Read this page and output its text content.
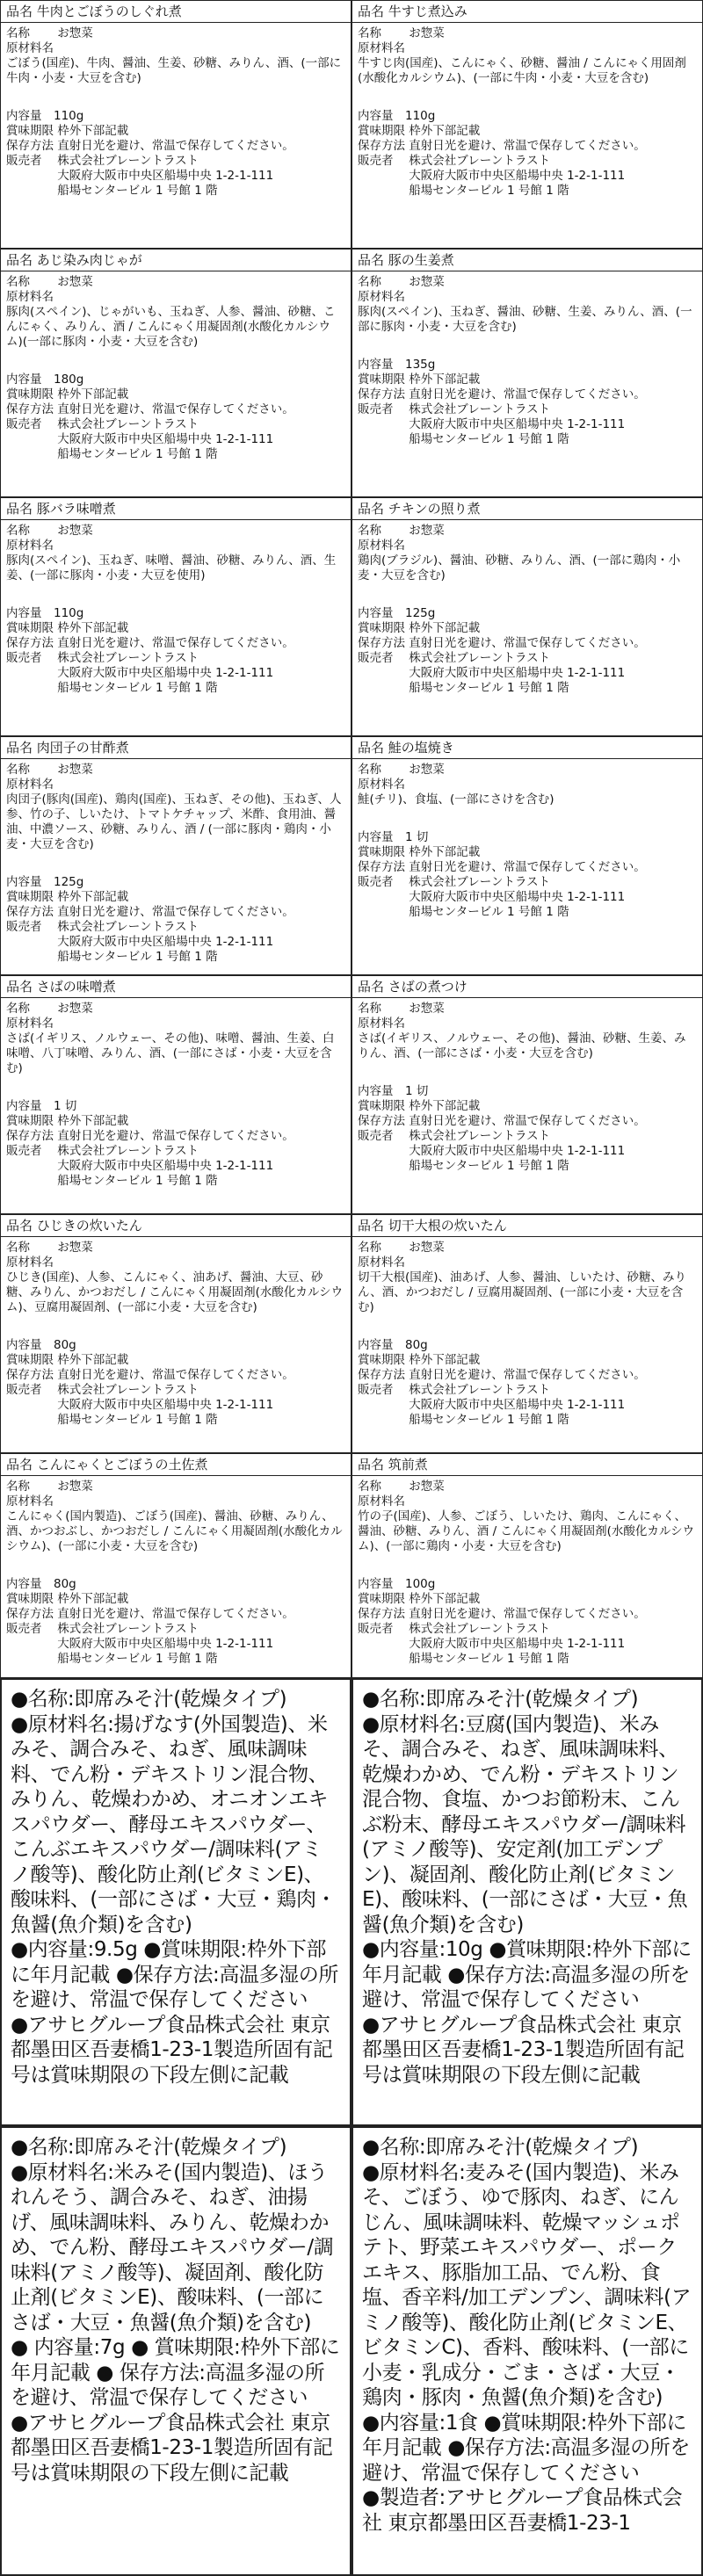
品名 牛肉とごぼうのしぐれ煮
名称 　　お惣菜
原材料名
ごぼう(国産)、牛肉、醤油、生姜、砂糖、みりん、酒、(一部に牛肉・小麦・大豆を含む)
内容量　110g
賞味期限 枠外下部記載
保存方法 直射日光を避け、常温で保存してください。
販売者　 株式会社ブレーントラスト
　　　　 大阪府大阪市中央区船場中央 1-2-1-111
　　　　 船場センタービル 1 号館 1 階
品名 牛すじ煮込み
名称 　　お惣菜
原材料名
牛すじ肉(国産)、こんにゃく、砂糖、醤油 / こんにゃく用固剤(水酸化カルシウム)、(一部に牛肉・小麦・大豆を含む)
内容量　110g
賞味期限 枠外下部記載
保存方法 直射日光を避け、常温で保存してください。
販売者　 株式会社ブレーントラスト
　　　　 大阪府大阪市中央区船場中央 1-2-1-111
　　　　 船場センタービル 1 号館 1 階
品名 あじ染み肉じゃが
名称 　　お惣菜
原材料名
豚肉(スペイン)、じゃがいも、玉ねぎ、人参、醤油、砂糖、こんにゃく、みりん、酒 / こんにゃく用凝固剤(水酸化カルシウム)(一部に豚肉・小麦・大豆を含む)
内容量　180g
賞味期限 枠外下部記載
保存方法 直射日光を避け、常温で保存してください。
販売者　 株式会社ブレーントラスト
　　　　 大阪府大阪市中央区船場中央 1-2-1-111
　　　　 船場センタービル 1 号館 1 階
品名 豚の生姜煮
名称 　　お惣菜
原材料名
豚肉(スペイン)、玉ねぎ、醤油、砂糖、生姜、みりん、酒、(一部に豚肉・小麦・大豆を含む)
内容量　135g
賞味期限 枠外下部記載
保存方法 直射日光を避け、常温で保存してください。
販売者　 株式会社ブレーントラスト
　　　　 大阪府大阪市中央区船場中央 1-2-1-111
　　　　 船場センタービル 1 号館 1 階
品名 豚バラ味噌煮
名称 　　お惣菜
原材料名
豚肉(スペイン)、玉ねぎ、味噌、醤油、砂糖、みりん、酒、生姜、(一部に豚肉・小麦・大豆を使用)
内容量　110g
賞味期限 枠外下部記載
保存方法 直射日光を避け、常温で保存してください。
販売者　 株式会社ブレーントラスト
　　　　 大阪府大阪市中央区船場中央 1-2-1-111
　　　　 船場センタービル 1 号館 1 階
品名 チキンの照り煮
名称 　　お惣菜
原材料名
鶏肉(ブラジル)、醤油、砂糖、みりん、酒、(一部に鶏肉・小麦・大豆を含む)
内容量　125g
賞味期限 枠外下部記載
保存方法 直射日光を避け、常温で保存してください。
販売者　 株式会社ブレーントラスト
　　　　 大阪府大阪市中央区船場中央 1-2-1-111
　　　　 船場センタービル 1 号館 1 階
品名 肉団子の甘酢煮
名称 　　お惣菜
原材料名
肉団子(豚肉(国産)、鶏肉(国産)、玉ねぎ、その他)、玉ねぎ、人参、竹の子、しいたけ、トマトケチャップ、米酢、食用油、醤油、中濃ソース、砂糖、みりん、酒 / (一部に豚肉・鶏肉・小麦・大豆を含む)
内容量　125g
賞味期限 枠外下部記載
保存方法 直射日光を避け、常温で保存してください。
販売者　 株式会社ブレーントラスト
　　　　 大阪府大阪市中央区船場中央 1-2-1-111
　　　　 船場センタービル 1 号館 1 階
品名 鮭の塩焼き
名称 　　お惣菜
原材料名
鮭(チリ)、食塩、(一部にさけを含む)
内容量　1 切
賞味期限 枠外下部記載
保存方法 直射日光を避け、常温で保存してください。
販売者　 株式会社ブレーントラスト
　　　　 大阪府大阪市中央区船場中央 1-2-1-111
　　　　 船場センタービル 1 号館 1 階
品名 さばの味噌煮
名称 　　お惣菜
原材料名
さば(イギリス、ノルウェー、その他)、味噌、醤油、生姜、白味噌、八丁味噌、みりん、酒、(一部にさば・小麦・大豆を含む)
内容量　1 切
賞味期限 枠外下部記載
保存方法 直射日光を避け、常温で保存してください。
販売者　 株式会社ブレーントラスト
　　　　 大阪府大阪市中央区船場中央 1-2-1-111
　　　　 船場センタービル 1 号館 1 階
品名 さばの煮つけ
名称 　　お惣菜
原材料名
さば(イギリス、ノルウェー、その他)、醤油、砂糖、生姜、みりん、酒、(一部にさば・小麦・大豆を含む)
内容量　1 切
賞味期限 枠外下部記載
保存方法 直射日光を避け、常温で保存してください。
販売者　 株式会社ブレーントラスト
　　　　 大阪府大阪市中央区船場中央 1-2-1-111
　　　　 船場センタービル 1 号館 1 階
品名 ひじきの炊いたん
名称 　　お惣菜
原材料名
ひじき(国産)、人参、こんにゃく、油あげ、醤油、大豆、砂糖、みりん、かつおだし / こんにゃく用凝固剤(水酸化カルシウム)、豆腐用凝固剤、(一部に小麦・大豆を含む)
内容量　80g
賞味期限 枠外下部記載
保存方法 直射日光を避け、常温で保存してください。
販売者　 株式会社ブレーントラスト
　　　　 大阪府大阪市中央区船場中央 1-2-1-111
　　　　 船場センタービル 1 号館 1 階
品名 切干大根の炊いたん
名称 　　お惣菜
原材料名
切干大根(国産)、油あげ、人参、醤油、しいたけ、砂糖、みりん、酒、かつおだし / 豆腐用凝固剤、(一部に小麦・大豆を含む)
内容量　80g
賞味期限 枠外下部記載
保存方法 直射日光を避け、常温で保存してください。
販売者　 株式会社ブレーントラスト
　　　　 大阪府大阪市中央区船場中央 1-2-1-111
　　　　 船場センタービル 1 号館 1 階
品名 こんにゃくとごぼうの土佐煮
名称 　　お惣菜
原材料名
こんにゃく(国内製造)、ごぼう(国産)、醤油、砂糖、みりん、酒、かつおぶし、かつおだし / こんにゃく用凝固剤(水酸化カルシウム)、(一部に小麦・大豆を含む)
内容量　80g
賞味期限 枠外下部記載
保存方法 直射日光を避け、常温で保存してください。
販売者　 株式会社ブレーントラスト
　　　　 大阪府大阪市中央区船場中央 1-2-1-111
　　　　 船場センタービル 1 号館 1 階
品名 筑前煮
名称 　　お惣菜
原材料名
竹の子(国産)、人参、ごぼう、しいたけ、鶏肉、こんにゃく、醤油、砂糖、みりん、酒 / こんにゃく用凝固剤(水酸化カルシウム)、(一部に鶏肉・小麦・大豆を含む)
内容量　100g
賞味期限 枠外下部記載
保存方法 直射日光を避け、常温で保存してください。
販売者　 株式会社ブレーントラスト
　　　　 大阪府大阪市中央区船場中央 1-2-1-111
　　　　 船場センタービル 1 号館 1 階
●名称:即席みそ汁(乾燥タイプ)
●原材料名:揚げなす(外国製造)、米みそ、調合みそ、ねぎ、風味調味料、でん粉・デキストリン混合物、みりん、乾燥わかめ、オニオンエキスパウダー、酵母エキスパウダー、こんぶエキスパウダー/調味料(アミノ酸等)、酸化防止剤(ビタミンE)、酸味料、(一部にさば・大豆・鶏肉・魚醤(魚介類)を含む)
●内容量:9.5g ●賞味期限:枠外下部に年月記載 ●保存方法:高温多湿の所を避け、常温で保存してください
●アサヒグループ食品株式会社 東京都墨田区吾妻橋1-23-1製造所固有記号は賞味期限の下段左側に記載
●名称:即席みそ汁(乾燥タイプ)
●原材料名:豆腐(国内製造)、米みそ、調合みそ、ねぎ、風味調味料、乾燥わかめ、でん粉・デキストリン混合物、食塩、かつお節粉末、こんぶ粉末、酵母エキスパウダー/調味料(アミノ酸等)、安定剤(加工デンプン)、凝固剤、酸化防止剤(ビタミンE)、酸味料、(一部にさば・大豆・魚醤(魚介類)を含む)
●内容量:10g ●賞味期限:枠外下部に年月記載 ●保存方法:高温多湿の所を避け、常温で保存してください
●アサヒグループ食品株式会社 東京都墨田区吾妻橋1-23-1製造所固有記号は賞味期限の下段左側に記載
●名称:即席みそ汁(乾燥タイプ)
●原材料名:米みそ(国内製造)、ほうれんそう、調合みそ、ねぎ、油揚げ、風味調味料、みりん、乾燥わかめ、でん粉、酵母エキスパウダー/調味料(アミノ酸等)、凝固剤、酸化防止剤(ビタミンE)、酸味料、(一部にさば・大豆・魚醤(魚介類)を含む)
● 内容量:7g ● 賞味期限:枠外下部に年月記載 ● 保存方法:高温多湿の所を避け、常温で保存してください
●アサヒグループ食品株式会社 東京都墨田区吾妻橋1-23-1製造所固有記号は賞味期限の下段左側に記載
●名称:即席みそ汁(乾燥タイプ)
●原材料名:麦みそ(国内製造)、米みそ、ごぼう、ゆで豚肉、ねぎ、にんじん、風味調味料、乾燥マッシュポテト、野菜エキスパウダー、ポークエキス、豚脂加工品、でん粉、食塩、香辛料/加工デンプン、調味料(アミノ酸等)、酸化防止剤(ビタミンE、ビタミンC)、香料、酸味料、(一部に小麦・乳成分・ごま・さば・大豆・鶏肉・豚肉・魚醤(魚介類)を含む)
●内容量:1食 ●賞味期限:枠外下部に年月記載 ●保存方法:高温多湿の所を避け、常温で保存してください
●製造者:アサヒグループ食品株式会社 東京都墨田区吾妻橋1-23-1
